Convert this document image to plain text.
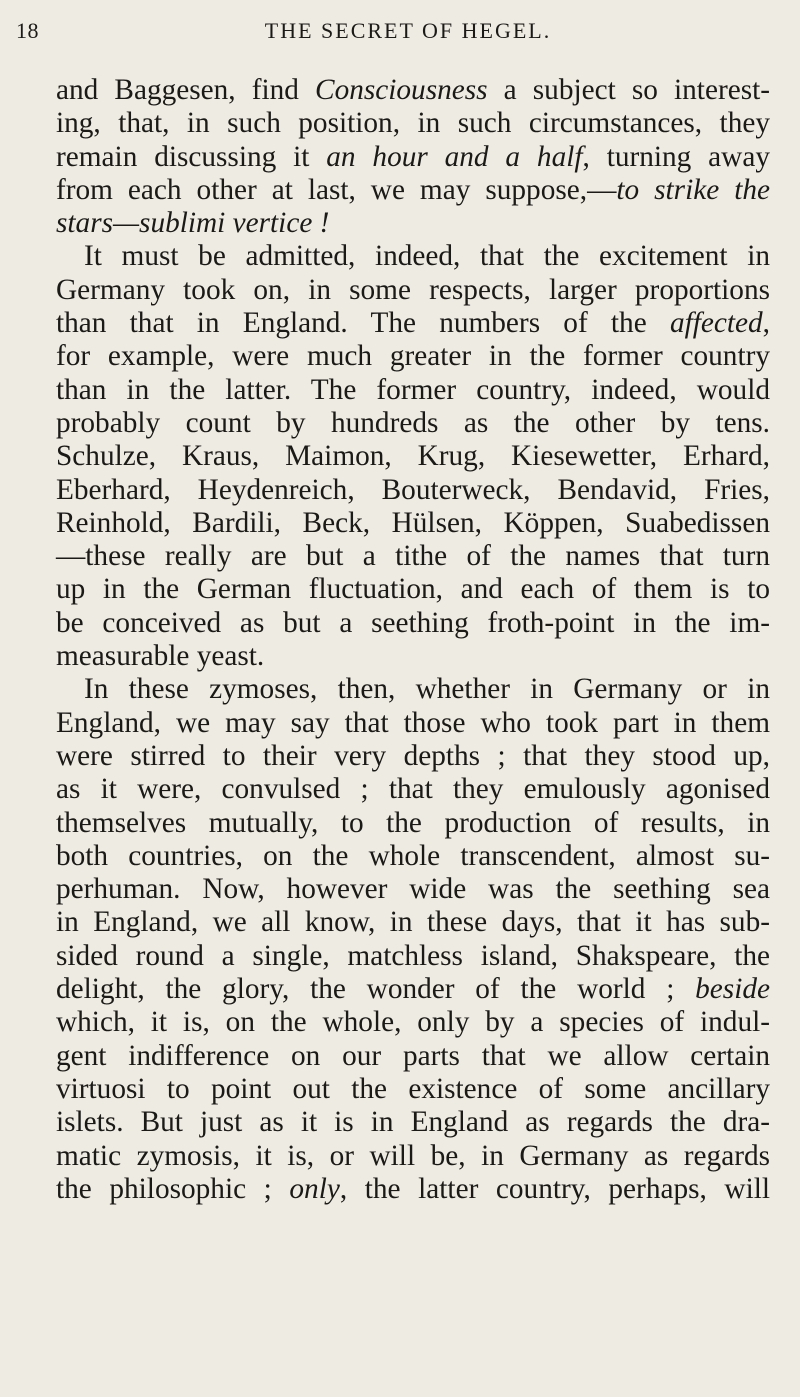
18	THE SECRET OF HEGEL.
and Baggesen, find Consciousness a subject so interest-
ing, that, in such position, in such circumstances, they
remain discussing it an hour and a half, turning away
from each other at last, we may suppose,—to strike the
stars—sublimi vertice !
It must be admitted, indeed, that the excitement in
Germany took on, in some respects, larger proportions
than that in England. The numbers of the affected,
for example, were much greater in the former country
than in the latter. The former country, indeed, would
probably count by hundreds as the other by tens.
Schulze, Kraus, Maimon, Krug, Kiesewetter, Erhard,
Eberhard, Heydenreich, Bouterweck, Bendavid, Fries,
Reinhold, Bardili, Beck, Hülsen, Köppen, Suabedissen
—these really are but a tithe of the names that turn
up in the German fluctuation, and each of them is to
be conceived as but a seething froth-point in the im-
measurable yeast.
In these zymoses, then, whether in Germany or in
England, we may say that those who took part in them
were stirred to their very depths ; that they stood up,
as it were, convulsed ; that they emulously agonised
themselves mutually, to the production of results, in
both countries, on the whole transcendent, almost su-
perhuman. Now, however wide was the seething sea
in England, we all know, in these days, that it has sub-
sided round a single, matchless island, Shakspeare, the
delight, the glory, the wonder of the world ; beside
which, it is, on the whole, only by a species of indul-
gent indifference on our parts that we allow certain
virtuosi to point out the existence of some ancillary
islets. But just as it is in England as regards the dra-
matic zymosis, it is, or will be, in Germany as regards
the philosophic ; only, the latter country, perhaps, will
